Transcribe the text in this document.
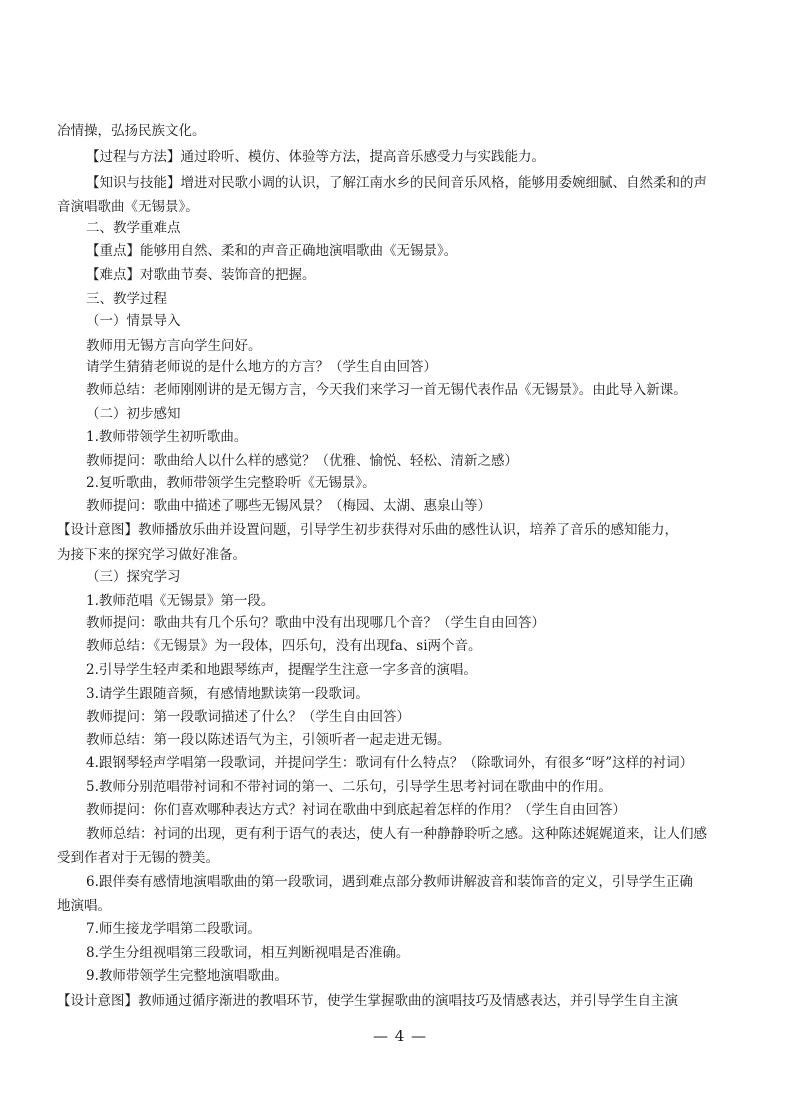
冶情操，弘扬民族文化。
【过程与方法】通过聆听、模仿、体验等方法，提高音乐感受力与实践能力。
【知识与技能】增进对民歌小调的认识，了解江南水乡的民间音乐风格，能够用委婉细腻、自然柔和的声
音演唱歌曲《无锡景》。
二、教学重难点
【重点】能够用自然、柔和的声音正确地演唱歌曲《无锡景》。
【难点】对歌曲节奏、装饰音的把握。
三、教学过程
（一）情景导入
教师用无锡方言向学生问好。
请学生猜猜老师说的是什么地方的方言？（学生自由回答）
教师总结：老师刚刚讲的是无锡方言，今天我们来学习一首无锡代表作品《无锡景》。由此导入新课。
（二）初步感知
1.教师带领学生初听歌曲。
教师提问：歌曲给人以什么样的感觉？（优雅、愉悦、轻松、清新之感）
2.复听歌曲，教师带领学生完整聆听《无锡景》。
教师提问：歌曲中描述了哪些无锡风景？（梅园、太湖、惠泉山等）
【设计意图】教师播放乐曲并设置问题，引导学生初步获得对乐曲的感性认识，培养了音乐的感知能力，
为接下来的探究学习做好准备。
（三）探究学习
1.教师范唱《无锡景》第一段。
教师提问：歌曲共有几个乐句？歌曲中没有出现哪几个音？（学生自由回答）
教师总结：《无锡景》为一段体，四乐句，没有出现fa、si两个音。
2.引导学生轻声柔和地跟琴练声，提醒学生注意一字多音的演唱。
3.请学生跟随音频，有感情地默读第一段歌词。
教师提问：第一段歌词描述了什么？（学生自由回答）
教师总结：第一段以陈述语气为主，引领听者一起走进无锡。
4.跟钢琴轻声学唱第一段歌词，并提问学生：歌词有什么特点？（除歌词外，有很多“呀”这样的衬词）
5.教师分别范唱带衬词和不带衬词的第一、二乐句，引导学生思考衬词在歌曲中的作用。
教师提问：你们喜欢哪种表达方式？衬词在歌曲中到底起着怎样的作用？（学生自由回答）
教师总结：衬词的出现，更有利于语气的表达，使人有一种静静聆听之感。这种陈述娓娓道来，让人们感
受到作者对于无锡的赞美。
6.跟伴奏有感情地演唱歌曲的第一段歌词，遇到难点部分教师讲解波音和装饰音的定义，引导学生正确
地演唱。
7.师生接龙学唱第二段歌词。
8.学生分组视唱第三段歌词，相互判断视唱是否准确。
9.教师带领学生完整地演唱歌曲。
【设计意图】教师通过循序渐进的教唱环节，使学生掌握歌曲的演唱技巧及情感表达，并引导学生自主演
— 4 —
